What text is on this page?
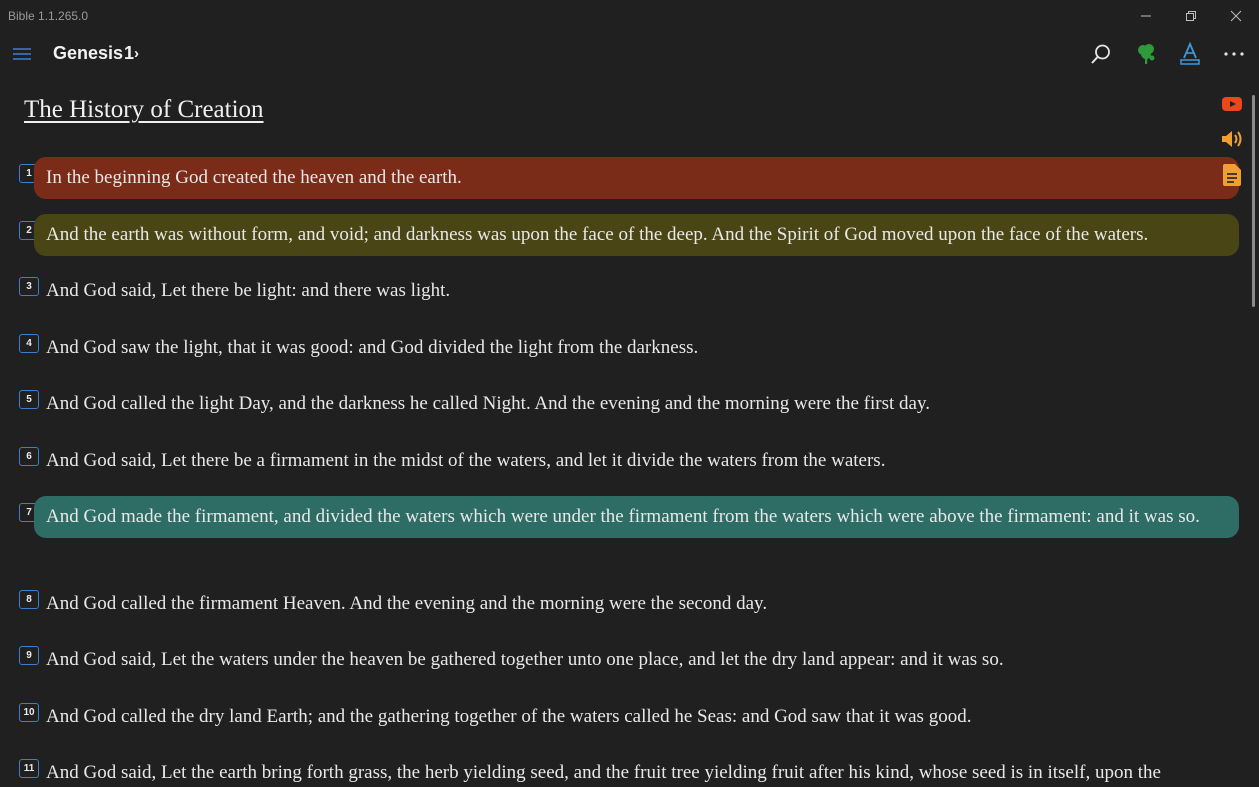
Bible 1.1.265.0
Genesis 1 ›
The History of Creation
1 In the beginning God created the heaven and the earth.
2 And the earth was without form, and void; and darkness was upon the face of the deep. And the Spirit of God moved upon the face of the waters.
3 And God said, Let there be light: and there was light.
4 And God saw the light, that it was good: and God divided the light from the darkness.
5 And God called the light Day, and the darkness he called Night. And the evening and the morning were the first day.
6 And God said, Let there be a firmament in the midst of the waters, and let it divide the waters from the waters.
7 And God made the firmament, and divided the waters which were under the firmament from the waters which were above the firmament: and it was so.
8 And God called the firmament Heaven. And the evening and the morning were the second day.
9 And God said, Let the waters under the heaven be gathered together unto one place, and let the dry land appear: and it was so.
10 And God called the dry land Earth; and the gathering together of the waters called he Seas: and God saw that it was good.
11 And God said, Let the earth bring forth grass, the herb yielding seed, and the fruit tree yielding fruit after his kind, whose seed is in itself, upon the
